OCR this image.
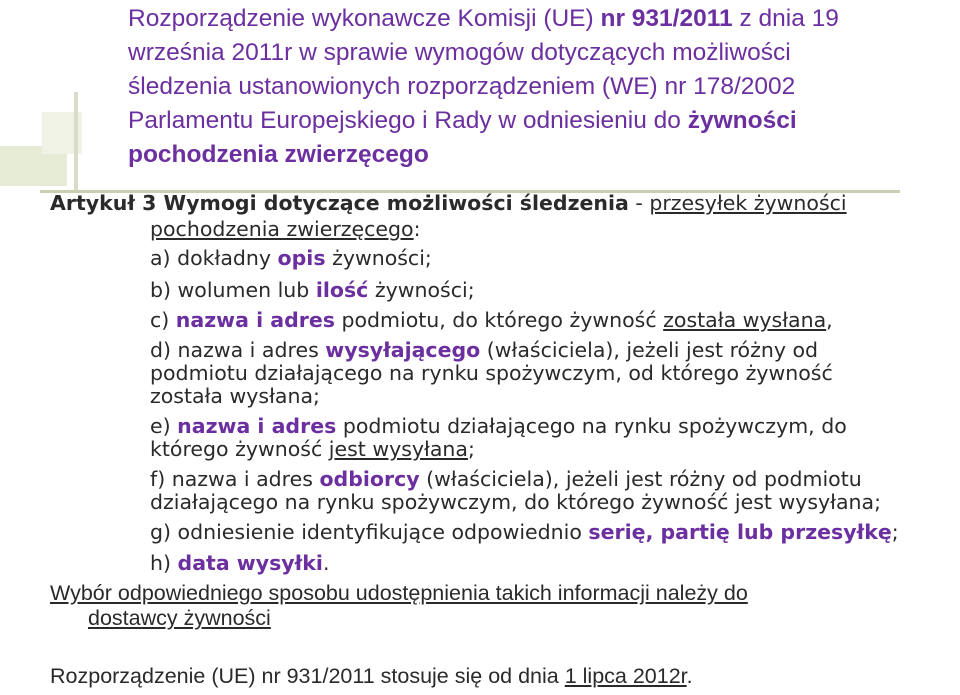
Rozporządzenie wykonawcze Komisji (UE) nr 931/2011 z dnia 19
września 2011r w sprawie wymogów dotyczących możliwości
śledzenia ustanowionych rozporządzeniem (WE) nr 178/2002
Parlamentu Europejskiego i Rady w odniesieniu do żywności
pochodzenia zwierzęcego
Artykuł 3 Wymogi dotyczące możliwości śledzenia - przesyłek żywności
pochodzenia zwierzęcego:
a) dokładny opis żywności;
b) wolumen lub ilość żywności;
c) nazwa i adres podmiotu, do którego żywność została wysłana,
d) nazwa i adres wysyłającego (właściciela), jeżeli jest różny od
podmiotu działającego na rynku spożywczym, od którego żywność
została wysłana;
e) nazwa i adres podmiotu działającego na rynku spożywczym, do
którego żywność jest wysyłana;
f) nazwa i adres odbiorcy (właściciela), jeżeli jest różny od podmiotu
działającego na rynku spożywczym, do którego żywność jest wysyłana;
g) odniesienie identyfikujące odpowiednio serię, partię lub przesyłkę;
h) data wysyłki.
Wybór odpowiedniego sposobu udostępnienia takich informacji należy do
dostawcy żywności
Rozporządzenie (UE) nr 931/2011 stosuje się od dnia 1 lipca 2012r.
